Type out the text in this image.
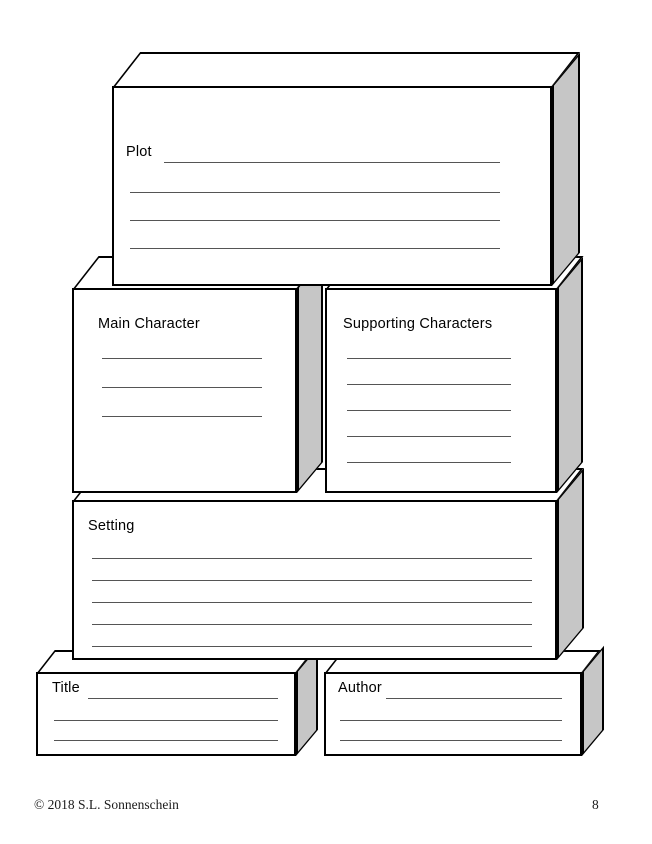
Plot
Main Character	Supporting Characters
Setting
Title	Author
© 2018 S.L. Sonnenschein	8
